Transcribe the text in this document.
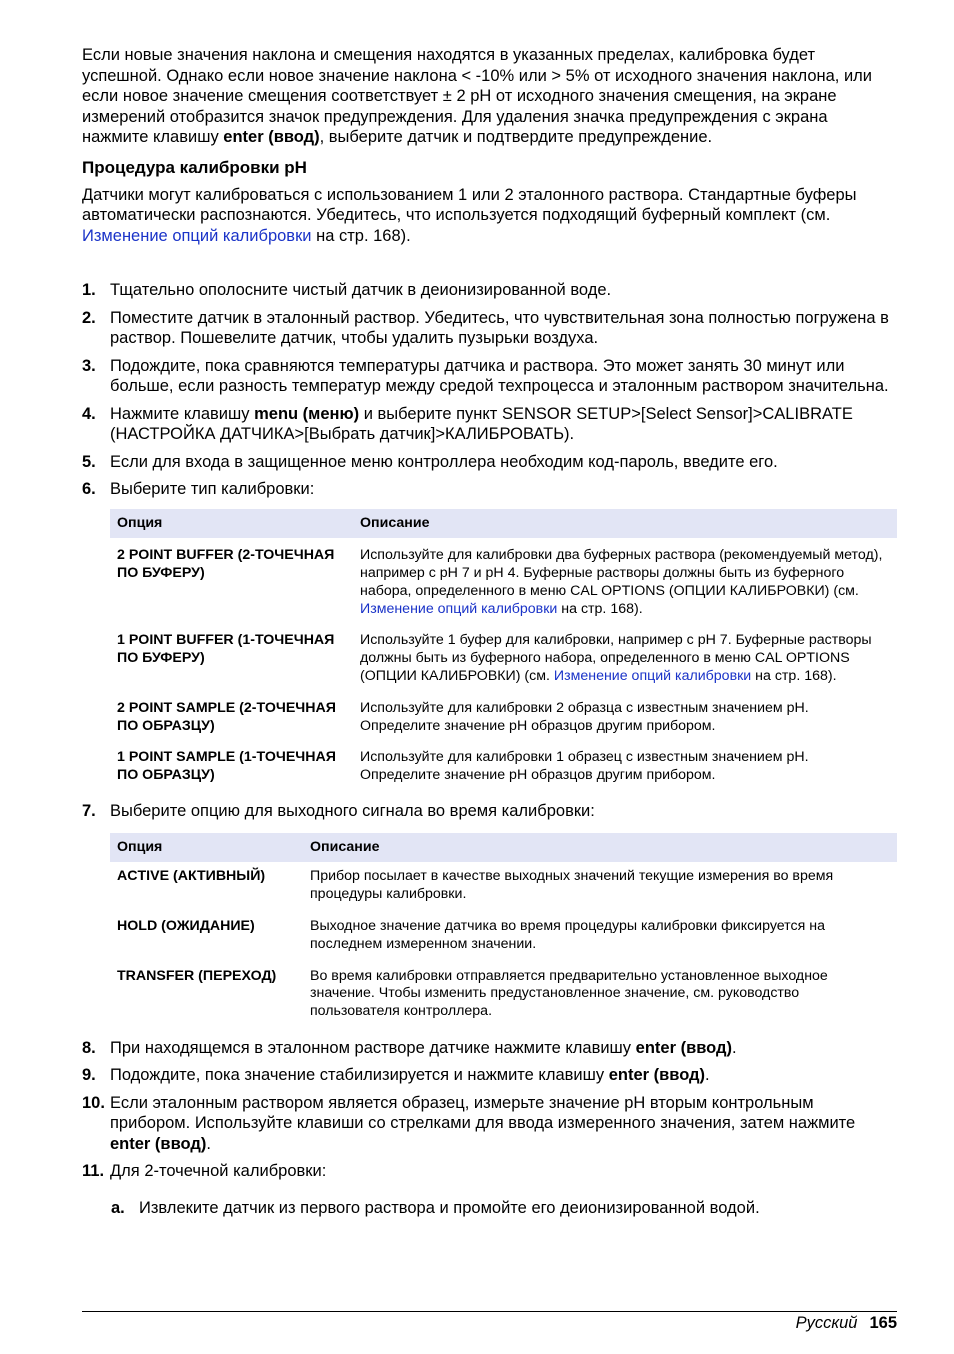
Если новые значения наклона и смещения находятся в указанных пределах, калибровка будет успешной. Однако если новое значение наклона < -10% или > 5% от исходного значения наклона, или если новое значение смещения соответствует ± 2 pH от исходного значения смещения, на экране измерений отобразится значок предупреждения. Для удаления значка предупреждения с экрана нажмите клавишу enter (ввод), выберите датчик и подтвердите предупреждение.

Процедура калибровки pH

Датчики могут калиброваться с использованием 1 или 2 эталонного раствора. Стандартные буферы автоматически распознаются. Убедитесь, что используется подходящий буферный комплект (см. Изменение опций калибровки на стр. 168).

1. Тщательно ополосните чистый датчик в деионизированной воде.
2. Поместите датчик в эталонный раствор. Убедитесь, что чувствительная зона полностью погружена в раствор. Пошевелите датчик, чтобы удалить пузырьки воздуха.
3. Подождите, пока сравняются температуры датчика и раствора. Это может занять 30 минут или больше, если разность температур между средой техпроцесса и эталонным раствором значительна.
4. Нажмите клавишу menu (меню) и выберите пункт SENSOR SETUP>[Select Sensor]>CALIBRATE (НАСТРОЙКА ДАТЧИКА>[Выбрать датчик]>КАЛИБРОВАТЬ).
5. Если для входа в защищенное меню контроллера необходим код-пароль, введите его.
6. Выберите тип калибровки:
Опция	Описание
2 POINT BUFFER (2-ТОЧЕЧНАЯ ПО БУФЕРУ)	Используйте для калибровки два буферных раствора (рекомендуемый метод), например с pH 7 и pH 4. Буферные растворы должны быть из буферного набора, определенного в меню CAL OPTIONS (ОПЦИИ КАЛИБРОВКИ) (см. Изменение опций калибровки на стр. 168).
1 POINT BUFFER (1-ТОЧЕЧНАЯ ПО БУФЕРУ)	Используйте 1 буфер для калибровки, например с pH 7. Буферные растворы должны быть из буферного набора, определенного в меню CAL OPTIONS (ОПЦИИ КАЛИБРОВКИ) (см. Изменение опций калибровки на стр. 168).
2 POINT SAMPLE (2-ТОЧЕЧНАЯ ПО ОБРАЗЦУ)	Используйте для калибровки 2 образца с известным значением pH. Определите значение pH образцов другим прибором.
1 POINT SAMPLE (1-ТОЧЕЧНАЯ ПО ОБРАЗЦУ)	Используйте для калибровки 1 образец с известным значением pH. Определите значение pH образцов другим прибором.
7. Выберите опцию для выходного сигнала во время калибровки:
Опция	Описание
ACTIVE (АКТИВНЫЙ)	Прибор посылает в качестве выходных значений текущие измерения во время процедуры калибровки.
HOLD (ОЖИДАНИЕ)	Выходное значение датчика во время процедуры калибровки фиксируется на последнем измеренном значении.
TRANSFER (ПЕРЕХОД)	Во время калибровки отправляется предварительно установленное выходное значение. Чтобы изменить предустановленное значение, см. руководство пользователя контроллера.
8. При находящемся в эталонном растворе датчике нажмите клавишу enter (ввод).
9. Подождите, пока значение стабилизируется и нажмите клавишу enter (ввод).
10. Если эталонным раствором является образец, измерьте значение pH вторым контрольным прибором. Используйте клавиши со стрелками для ввода измеренного значения, затем нажмите enter (ввод).
11. Для 2-точечной калибровки:

a. Извлеките датчик из первого раствора и промойте его деионизированной водой.

Русский 165
